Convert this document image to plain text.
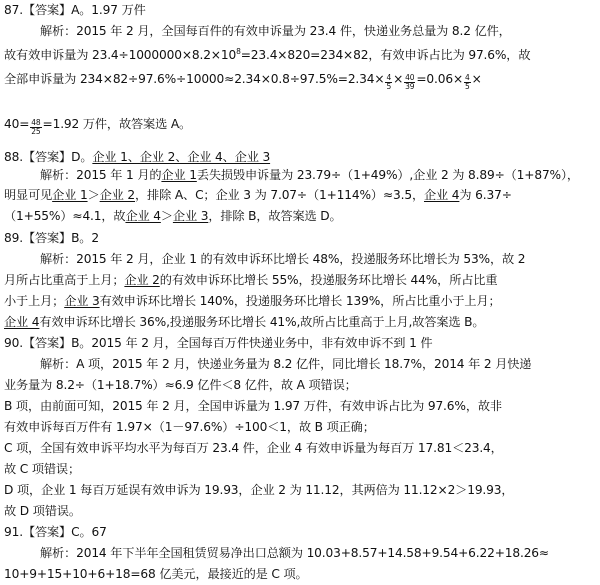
87.【答案】A。1.97 万件
解析：2015 年 2 月，全国每百件的有效申诉量为 23.4 件，快递业务总量为 8.2 亿件，
故有效申诉量为 $23.4\div 1000000\times 8.2\times 10^8=23.4\times 820=234\times 82$，有效申诉占比为 97.6%，故
全部申诉量为 $234\times 82\div 97.6\%\div 10000\approx 2.34\times 0.8\div 97.5\%=2.34\times \frac{4}{5} \times \frac{40}{39} =0.06\times \frac{4}{5}$ ×
$40= \frac{48}{25} =1.92$ 万件，故答案选 A。
88.【答案】D。企业 1、企业 2、企业 4、企业 3
解析：2015 年 1 月的企业 1丢失损毁申诉量为 23.79÷（1+49%）,企业 2 为 8.89÷（1+87%），
明显可见企业 1＞企业 2，排除 A、C；企业 3 为 7.07÷（1+114%）≈3.5，企业 4为 6.37÷
（1+55%）≈4.1，故企业 4＞企业 3，排除 B，故答案选 D。
89.【答案】B。2
解析：2015 年 2 月，企业 1 的有效申诉环比增长 48%，投递服务环比增长为 53%，故 2
月所占比重高于上月；企业 2的有效申诉环比增长 55%，投递服务环比增长 44%，所占比重
小于上月；企业 3有效申诉环比增长 140%，投递服务环比增长 139%，所占比重小于上月；
企业 4有效申诉环比增长 36%,投递服务环比增长 41%,故所占比重高于上月,故答案选 B。
90.【答案】B。2015 年 2 月，全国每百万件快递业务中，非有效申诉不到 1 件
解析：A 项，2015 年 2 月，快递业务量为 8.2 亿件，同比增长 18.7%，2014 年 2 月快递
业务量为 8.2÷（1+18.7%）≈6.9 亿件＜8 亿件，故 A 项错误；
B 项，由前面可知，2015 年 2 月，全国申诉量为 1.97 万件，有效申诉占比为 97.6%，故非
有效申诉每百万件有 1.97×（1－97.6%）÷100＜1，故 B 项正确；
C 项，全国有效申诉平均水平为每百万 23.4 件，企业 4 有效申诉量为每百万 17.81＜23.4，
故 C 项错误；
D 项，企业 1 每百万延误有效申诉为 19.93，企业 2 为 11.12，其两倍为 11.12×2＞19.93，
故 D 项错误。
91.【答案】C。67
解析：2014 年下半年全国租赁贸易净出口总额为 10.03+8.57+14.58+9.54+6.22+18.26≈
10+9+15+10+6+18=68 亿美元，最接近的是 C 项。
